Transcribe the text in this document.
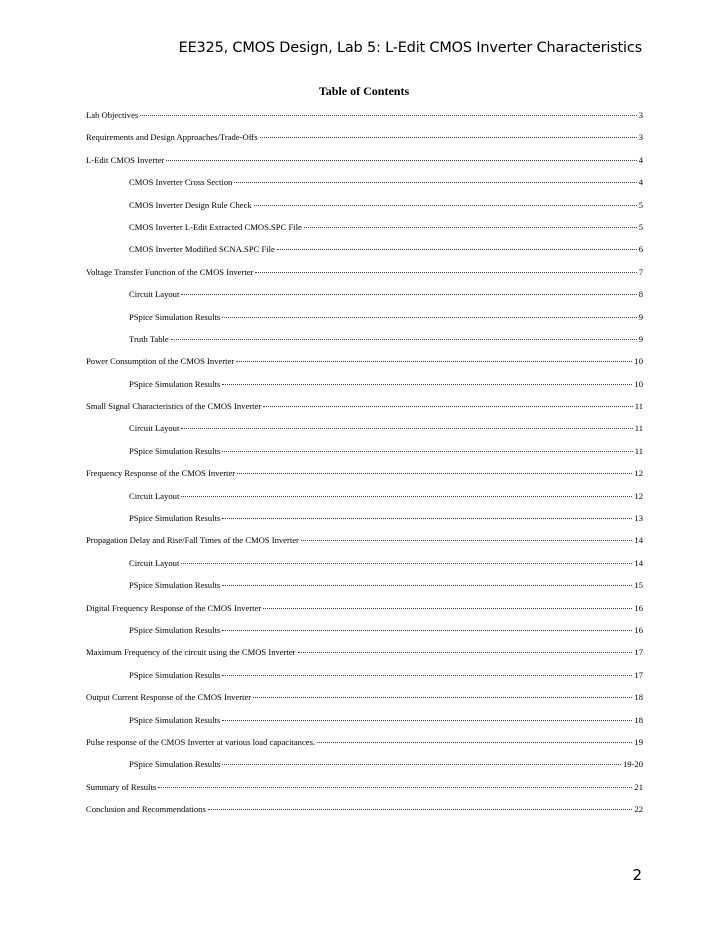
EE325, CMOS Design, Lab 5: L-Edit CMOS Inverter Characteristics
Table of Contents
Lab Objectives	3
Requirements and Design Approaches/Trade-Offs	3
L-Edit CMOS Inverter	4
CMOS Inverter Cross Section	4
CMOS Inverter Design Rule Check	5
CMOS Inverter L-Edit Extracted CMOS.SPC File	5
CMOS Inverter Modified SCNA.SPC File	6
Voltage Transfer Function of the CMOS Inverter	7
Circuit Layout	8
PSpice Simulation Results	9
Truth Table	9
Power Consumption of the CMOS Inverter	10
PSpice Simulation Results	10
Small Signal Characteristics of the CMOS Inverter	11
Circuit Layout	11
PSpice Simulation Results	11
Frequency Response of the CMOS Inverter	12
Circuit Layout	12
PSpice Simulation Results	13
Propagation Delay and Rise/Fall Times of the CMOS Inverter	14
Circuit Layout	14
PSpice Simulation Results	15
Digital Frequency Response of the CMOS Inverter	16
PSpice Simulation Results	16
Maximum Frequency of the circuit using the CMOS Inverter	17
PSpice Simulation Results	17
Output Current Response of the CMOS Inverter	18
PSpice Simulation Results	18
Pulse response of the CMOS Inverter at various load capacitances.	19
PSpice Simulation Results	19-20
Summary of Results	21
Conclusion and Recommendations	22
2
